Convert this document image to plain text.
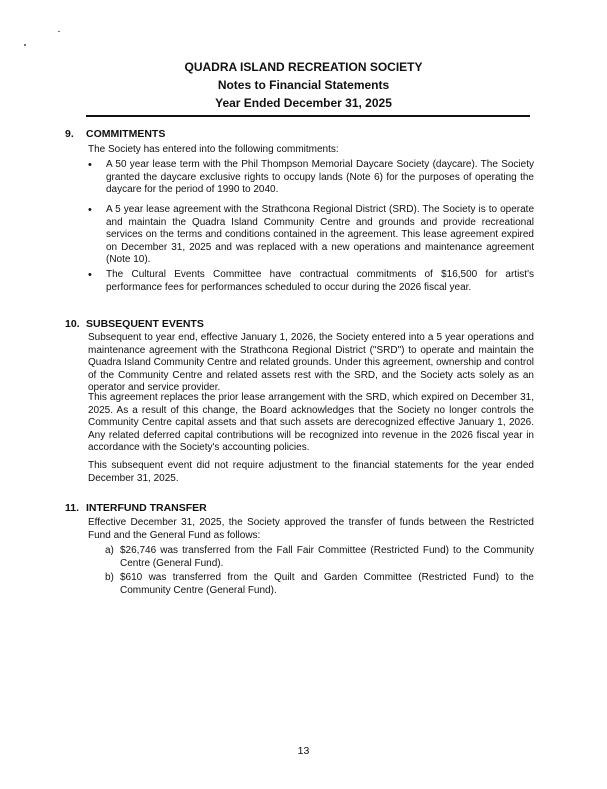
QUADRA ISLAND RECREATION SOCIETY
Notes to Financial Statements
Year Ended December 31, 2025
9. COMMITMENTS
The Society has entered into the following commitments:
• A 50 year lease term with the Phil Thompson Memorial Daycare Society (daycare). The Society granted the daycare exclusive rights to occupy lands (Note 6) for the purposes of operating the daycare for the period of 1990 to 2040.
• A 5 year lease agreement with the Strathcona Regional District (SRD). The Society is to operate and maintain the Quadra Island Community Centre and grounds and provide recreational services on the terms and conditions contained in the agreement. This lease agreement expired on December 31, 2025 and was replaced with a new operations and maintenance agreement (Note 10).
• The Cultural Events Committee have contractual commitments of $16,500 for artist's performance fees for performances scheduled to occur during the 2026 fiscal year.
10. SUBSEQUENT EVENTS
Subsequent to year end, effective January 1, 2026, the Society entered into a 5 year operations and maintenance agreement with the Strathcona Regional District ("SRD") to operate and maintain the Quadra Island Community Centre and related grounds. Under this agreement, ownership and control of the Community Centre and related assets rest with the SRD, and the Society acts solely as an operator and service provider.
This agreement replaces the prior lease arrangement with the SRD, which expired on December 31, 2025. As a result of this change, the Board acknowledges that the Society no longer controls the Community Centre capital assets and that such assets are derecognized effective January 1, 2026. Any related deferred capital contributions will be recognized into revenue in the 2026 fiscal year in accordance with the Society's accounting policies.
This subsequent event did not require adjustment to the financial statements for the year ended December 31, 2025.
11. INTERFUND TRANSFER
Effective December 31, 2025, the Society approved the transfer of funds between the Restricted Fund and the General Fund as follows:
a) $26,746 was transferred from the Fall Fair Committee (Restricted Fund) to the Community Centre (General Fund).
b) $610 was transferred from the Quilt and Garden Committee (Restricted Fund) to the Community Centre (General Fund).
13
